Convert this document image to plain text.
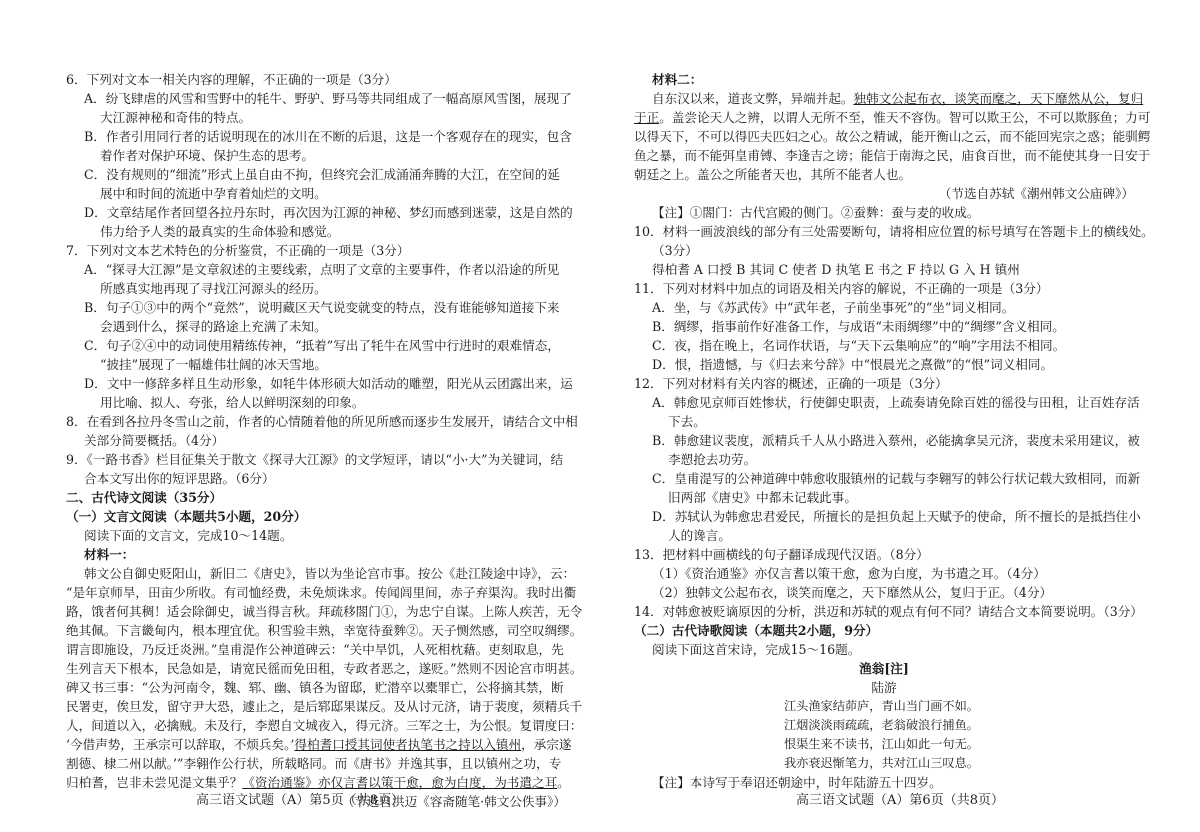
6．下列对文本一相关内容的理解，不正确的一项是（3分）
A．纷飞肆虐的风雪和雪野中的牦牛、野驴、野马等共同组成了一幅高原风雪图，展现了
大江源神秘和奇伟的特点。
B．作者引用同行者的话说明现在的冰川在不断的后退，这是一个客观存在的现实，包含
着作者对保护环境、保护生态的思考。
C．没有规则的“细流”形式上虽自由不拘，但终究会汇成涌涌奔腾的大江，在空间的延
展中和时间的流逝中孕育着灿烂的文明。
D．文章结尾作者回望各拉丹东时，再次因为江源的神秘、梦幻而感到迷蒙，这是自然的
伟力给予人类的最真实的生命体验和感觉。
7．下列对文本艺术特色的分析鉴赏，不正确的一项是（3分）
A．“探寻大江源”是文章叙述的主要线索，点明了文章的主要事件，作者以沿途的所见
所感真实地再现了寻找江河源头的经历。
B．句子①③中的两个“竟然”，说明藏区天气说变就变的特点，没有谁能够知道接下来
会遇到什么，探寻的路途上充满了未知。
C．句子②④中的动词使用精练传神，“抵着”写出了牦牛在风雪中行进时的艰难情态，
“披挂”展现了一幅雄伟壮阔的冰天雪地。
D．文中一修辞多样且生动形象，如牦牛体形硕大如活动的雕塑，阳光从云团露出来，运
用比喻、拟人、夸张，给人以鲜明深刻的印象。
8．在看到各拉丹冬雪山之前，作者的心情随着他的所见所感而逐步生发展开，请结合文中相
关部分简要概括。（4分）
9．《一路书香》栏目征集关于散文《探寻大江源》的文学短评，请以“小·大”为关键词，结
合本文写出你的短评思路。（6分）
二、古代诗文阅读（35分）
（一）文言文阅读（本题共5小题，20分）
阅读下面的文言文，完成10～14题。
材料一：
韩文公自御史贬阳山，新旧二《唐史》，皆以为坐论宫市事。按公《赴江陵途中诗》，云：
“是年京师旱，田亩少所收。有司恤经费，未免烦诛求。传闻闾里间，赤子弃渠沟。我时出衢
路，饿者何其稠！适会除御史，诚当得言秋。拜疏移閤门①，为忠宁自谋。上陈人疾苦，无令
绝其佩。下言畿甸内，根本理宜优。积雪验丰熟，幸宽待蚕麰②。天子恻然感，司空叹绸缪。
谓言即施设，乃反迁炎洲。”皇甫湜作公神道碑云：“关中旱饥，人死相枕藉。吏刻取息，先
生列言天下根本，民急如是，请宽民徭而免田租，专政者恶之，遂贬。”然则不因论宫市明甚。
碑又书三事：“公为河南令，魏、郓、幽、镇各为留邸，贮潜卒以橐罪亡，公将摘其禁，断
民署吏，俟旦发，留守尹大恐，遽止之，是后郓邸果谋反。及从讨元济，请于裴度，须精兵千
人，间道以入，必擒贼。未及行，李愬自文城夜入，得元济。三军之士，为公恨。复谓度曰：
‘今借声势，王承宗可以辞取，不烦兵矣。’得柏耆口授其词使者执笔书之持以入镇州，承宗遂
割德、棣二州以献。’”李翱作公行状，所载略同。而《唐书》并逸其事，且以镇州之功，专
归柏耆，岂非未尝见湜文集乎？《资治通鉴》亦仅言耆以策干愈，愈为白度，为书遣之耳。
（节选自洪迈《容斋随笔·韩文公佚事》）
材料二：
自东汉以来，道丧文弊，异端并起。独韩文公起布衣，谈笑而麾之，天下靡然从公，复归
于正。盖尝论天人之辨，以谓人无所不至，惟天不容伪。智可以欺王公，不可以欺豚鱼；力可
以得天下，不可以得匹夫匹妇之心。故公之精诚，能开衡山之云，而不能回宪宗之惑；能驯鳄
鱼之暴，而不能弭皇甫镈、李逢吉之谤；能信于南海之民，庙食百世，而不能使其身一日安于
朝廷之上。盖公之所能者天也，其所不能者人也。
（节选自苏轼《潮州韩文公庙碑》）
【注】①閤门：古代宫殿的侧门。②蚕麰：蚕与麦的收成。
10．材料一画波浪线的部分有三处需要断句，请将相应位置的标号填写在答题卡上的横线处。
（3分）
得柏耆 A 口授 B 其词 C 使者 D 执笔 E 书之 F 持以 G 入 H 镇州
11．下列对材料中加点的词语及相关内容的解说，不正确的一项是（3分）
A．坐，与《苏武传》中“武年老，子前坐事死”的“坐”词义相同。
B．绸缪，指事前作好准备工作，与成语“未雨绸缪”中的“绸缪”含义相同。
C．夜，指在晚上，名词作状语，与“天下云集响应”的“响”字用法不相同。
D．恨，指遗憾，与《归去来兮辞》中“恨晨光之熹微”的“恨”词义相同。
12．下列对材料有关内容的概述，正确的一项是（3分）
A．韩愈见京师百姓惨状，行使御史职责，上疏奏请免除百姓的徭役与田租，让百姓存活
下去。
B．韩愈建议裴度，派精兵千人从小路进入蔡州，必能擒拿吴元济，裴度未采用建议，被
李愬抢去功劳。
C．皇甫湜写的公神道碑中韩愈收服镇州的记载与李翱写的韩公行状记载大致相同，而新
旧两部《唐史》中都未记载此事。
D．苏轼认为韩愈忠君爱民，所擅长的是担负起上天赋予的使命，所不擅长的是抵挡住小
人的谗言。
13．把材料中画横线的句子翻译成现代汉语。（8分）
（1）《资治通鉴》亦仅言耆以策干愈，愈为白度，为书遣之耳。（4分）
（2）独韩文公起布衣，谈笑而麾之，天下靡然从公，复归于正。（4分）
14．对韩愈被贬谪原因的分析，洪迈和苏轼的观点有何不同？请结合文本简要说明。（3分）
（二）古代诗歌阅读（本题共2小题，9分）
阅读下面这首宋诗，完成15～16题。
渔翁[注]
陆游
江头渔家结茆庐，青山当门画不如。
江烟淡淡雨疏疏，老翁破浪行捕鱼。
恨渠生来不读书，江山如此一句无。
我亦衰迟惭笔力，共对江山三叹息。
【注】本诗写于奉诏还朝途中，时年陆游五十四岁。
高三语文试题（A）第5页（共8页）	高三语文试题（A）第6页（共8页）
